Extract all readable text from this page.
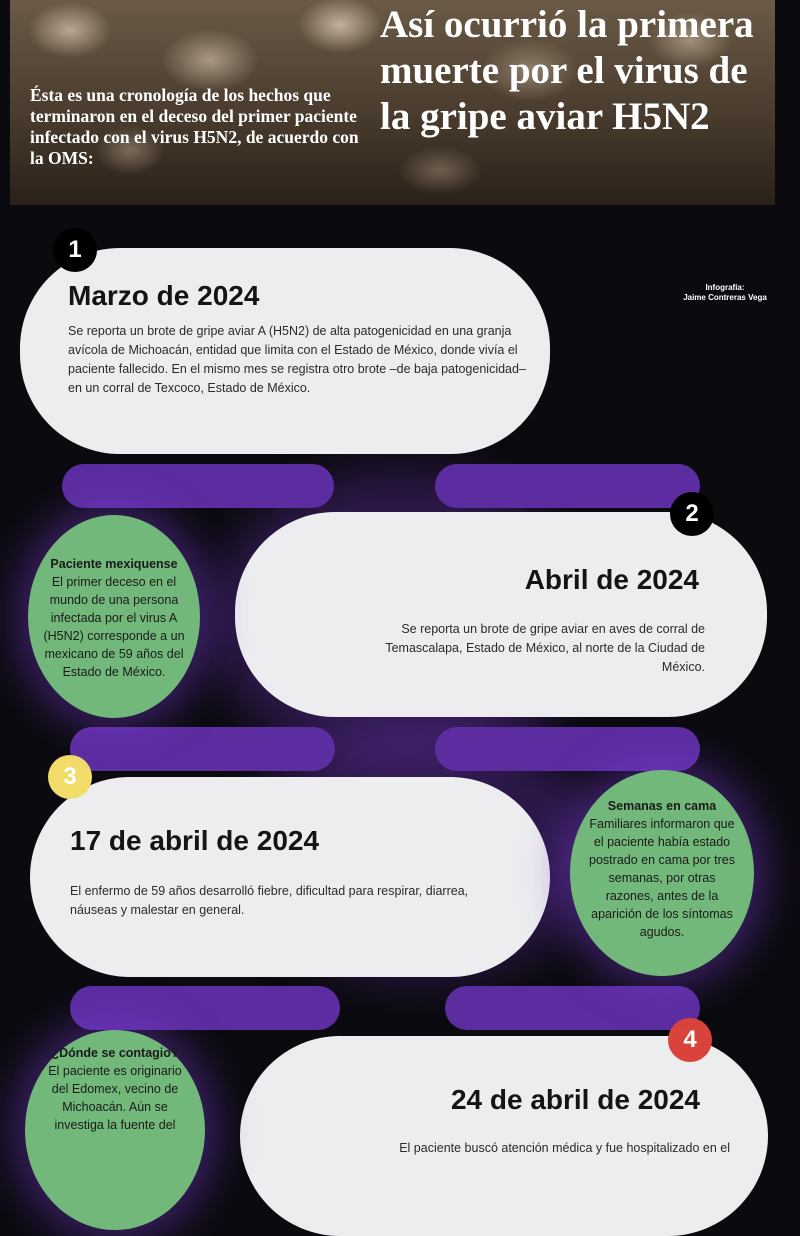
Ésta es una cronología de los hechos que terminaron en el deceso del primer paciente infectado con el virus H5N2, de acuerdo con la OMS:
Así ocurrió la primera muerte por el virus de la gripe aviar H5N2
Infografía:
Jaime Contreras Vega
Marzo de 2024
Se reporta un brote de gripe aviar A (H5N2) de alta patogenicidad en una granja avícola de Michoacán, entidad que limita con el Estado de México, donde vivía el paciente fallecido. En el mismo mes se registra otro brote –de baja patogenicidad– en un corral de Texcoco, Estado de México.
1
Abril de 2024
Se reporta un brote de gripe aviar en aves de corral de Temascalapa, Estado de México, al norte de la Ciudad de México.
2
17 de abril de 2024
El enfermo de 59 años desarrolló fiebre, dificultad para respirar, diarrea, náuseas y malestar en general.
3
24 de abril de 2024
El paciente buscó atención médica y fue hospitalizado en el
4
Paciente mexiquense
El primer deceso en el mundo de una persona infectada por el virus A (H5N2) corresponde a un mexicano de 59 años del Estado de México.
Semanas en cama
Familiares informaron que el paciente había estado postrado en cama por tres semanas, por otras razones, antes de la aparición de los síntomas agudos.
¿Dónde se contagio?
El paciente es originario del Edomex, vecino de Michoacán. Aún se investiga la fuente del
